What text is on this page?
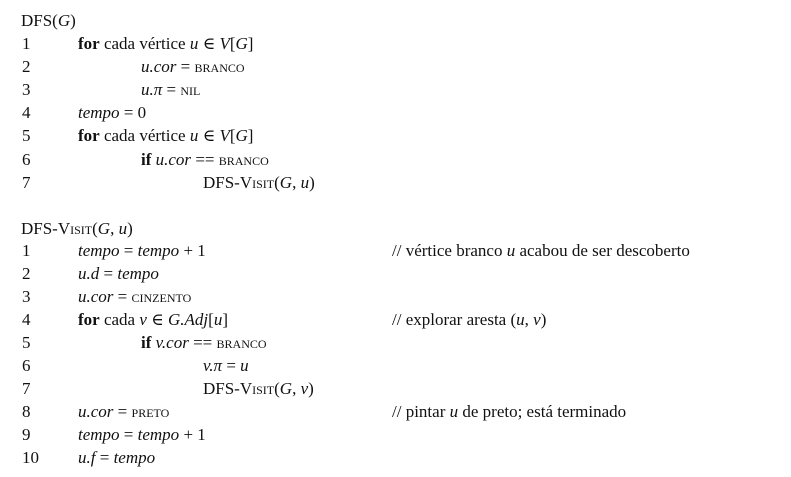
DFS(G)
1	for cada vértice u ∈ V[G]
2	u.cor = branco
3	u.π = nil
4	tempo = 0
5	for cada vértice u ∈ V[G]
6	if u.cor == branco
7	DFS-Visit(G, u)
DFS-Visit(G, u)
1	tempo = tempo + 1	// vértice branco u acabou de ser descoberto
2	u.d = tempo
3	u.cor = cinzento
4	for cada v ∈ G.Adj[u]	// explorar aresta (u, v)
5	if v.cor == branco
6	v.π = u
7	DFS-Visit(G, v)
8	u.cor = preto	// pintar u de preto; está terminado
9	tempo = tempo + 1
10 u.f = tempo
